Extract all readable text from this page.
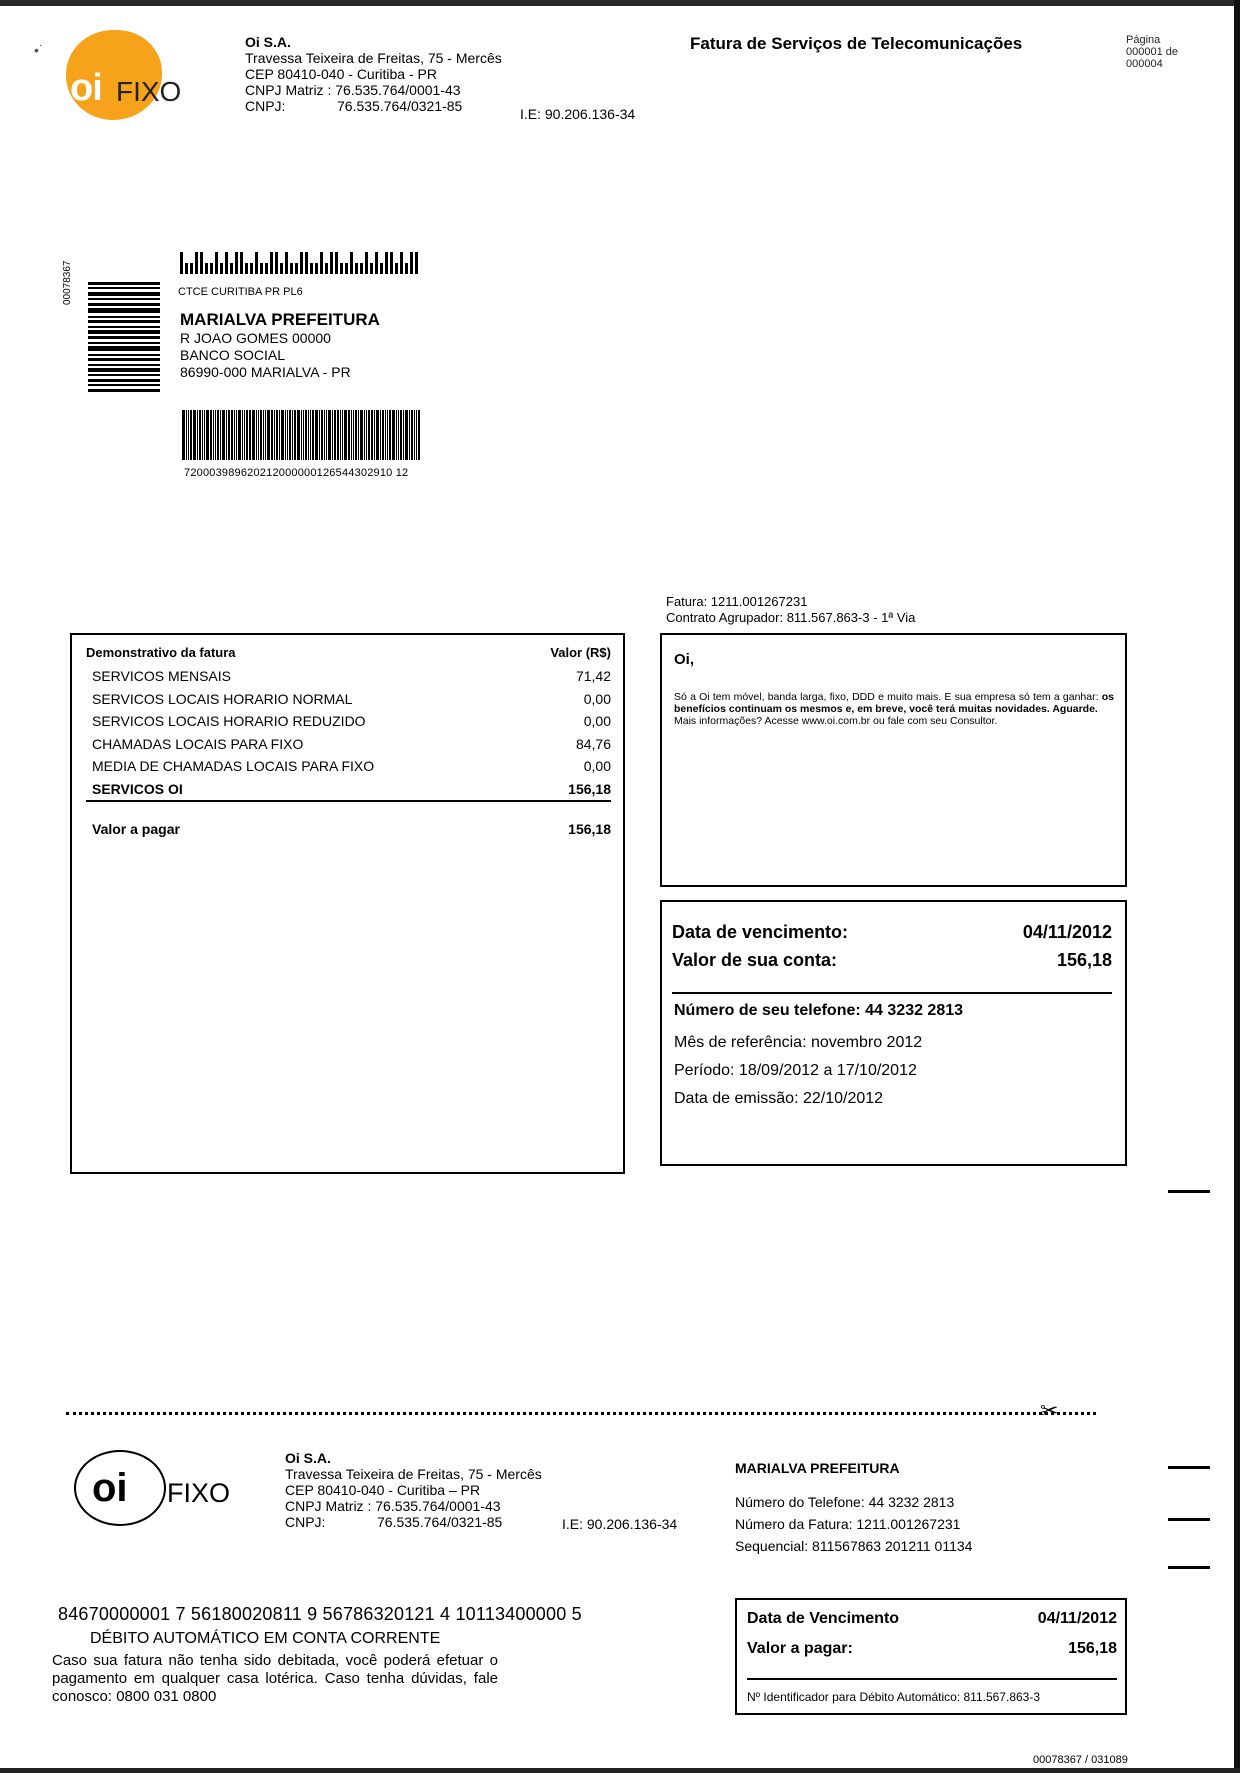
•˙
oi FIXO
Oi S.A.
Travessa Teixeira de Freitas, 75 - Mercês
CEP 80410-040 - Curitiba - PR
CNPJ Matriz : 76.535.764/0001-43
CNPJ:	76.535.764/0321-85	I.E: 90.206.136-34
Fatura de Serviços de Telecomunicações	Página
000001 de
000004
CTCE CURITIBA PR PL6
00078367
MARIALVA PREFEITURA
R JOAO GOMES 00000
BANCO SOCIAL
86990-000 MARIALVA - PR
720003989620212000000126544302910 12
Fatura: 1211.001267231
Contrato Agrupador: 811.567.863-3 - 1ª Via
Demonstrativo da fatura	Valor (R$)
SERVICOS MENSAIS	71,42
SERVICOS LOCAIS HORARIO NORMAL	0,00
SERVICOS LOCAIS HORARIO REDUZIDO	0,00
CHAMADAS LOCAIS PARA FIXO	84,76
MEDIA DE CHAMADAS LOCAIS PARA FIXO	0,00
SERVICOS OI	156,18
Valor a pagar	156,18
Oi,
Só a Oi tem móvel, banda larga, fixo, DDD e muito mais. E sua empresa só tem a ganhar: os benefícios continuam os mesmos e, em breve, você terá muitas novidades. Aguarde.
Mais informações? Acesse www.oi.com.br ou fale com seu Consultor.
Data de vencimento:	04/11/2012
Valor de sua conta:	156,18
Número de seu telefone: 44 3232 2813
Mês de referência: novembro 2012
Período: 18/09/2012 a 17/10/2012
Data de emissão: 22/10/2012
✂
oi FIXO
Oi S.A.
Travessa Teixeira de Freitas, 75 - Mercês
CEP 80410-040 - Curitiba – PR
CNPJ Matriz : 76.535.764/0001-43
CNPJ:	76.535.764/0321-85	I.E: 90.206.136-34
MARIALVA PREFEITURA
Número do Telefone: 44 3232 2813
Número da Fatura: 1211.001267231
Sequencial: 811567863 201211 01134
84670000001 7 56180020811 9 56786320121 4 10113400000 5
DÉBITO AUTOMÁTICO EM CONTA CORRENTE
Caso sua fatura não tenha sido debitada, você poderá efetuar o pagamento em qualquer casa lotérica. Caso tenha dúvidas, fale conosco: 0800 031 0800
Data de Vencimento	04/11/2012
Valor a pagar:	156,18
Nº Identificador para Débito Automático: 811.567.863-3
00078367 / 031089
